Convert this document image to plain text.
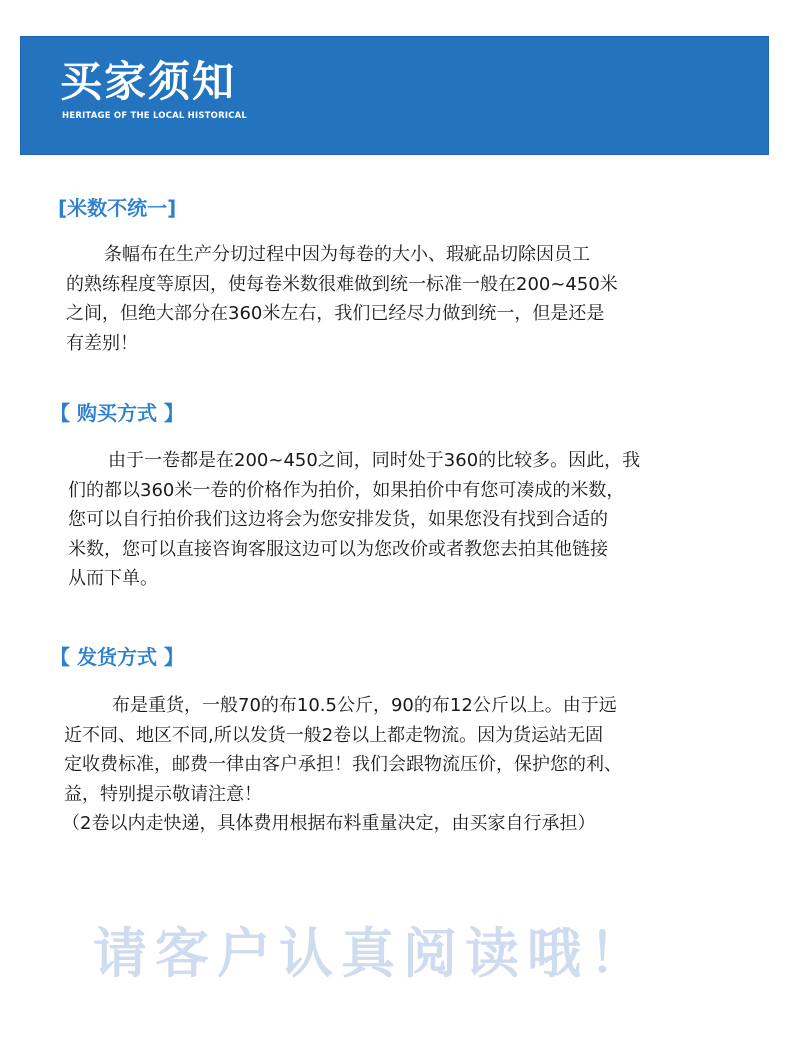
买家须知
HERITAGE OF THE LOCAL HISTORICAL
[米数不统一]
条幅布在生产分切过程中因为每卷的大小、瑕疵品切除因员工
的熟练程度等原因，使每卷米数很难做到统一标准一般在200~450米
之间，但绝大部分在360米左右，我们已经尽力做到统一，但是还是
有差别！
【 购买方式 】
由于一卷都是在200~450之间，同时处于360的比较多。因此，我
们的都以360米一卷的价格作为拍价，如果拍价中有您可凑成的米数，
您可以自行拍价我们这边将会为您安排发货，如果您没有找到合适的
米数，您可以直接咨询客服这边可以为您改价或者教您去拍其他链接
从而下单。
【 发货方式 】
布是重货，一般70的布10.5公斤，90的布12公斤以上。由于远
近不同、地区不同,所以发货一般2卷以上都走物流。因为货运站无固
定收费标准，邮费一律由客户承担！我们会跟物流压价，保护您的利、
益，特别提示敬请注意！
（2卷以内走快递，具体费用根据布料重量决定，由买家自行承担）
请客户认真阅读哦！
